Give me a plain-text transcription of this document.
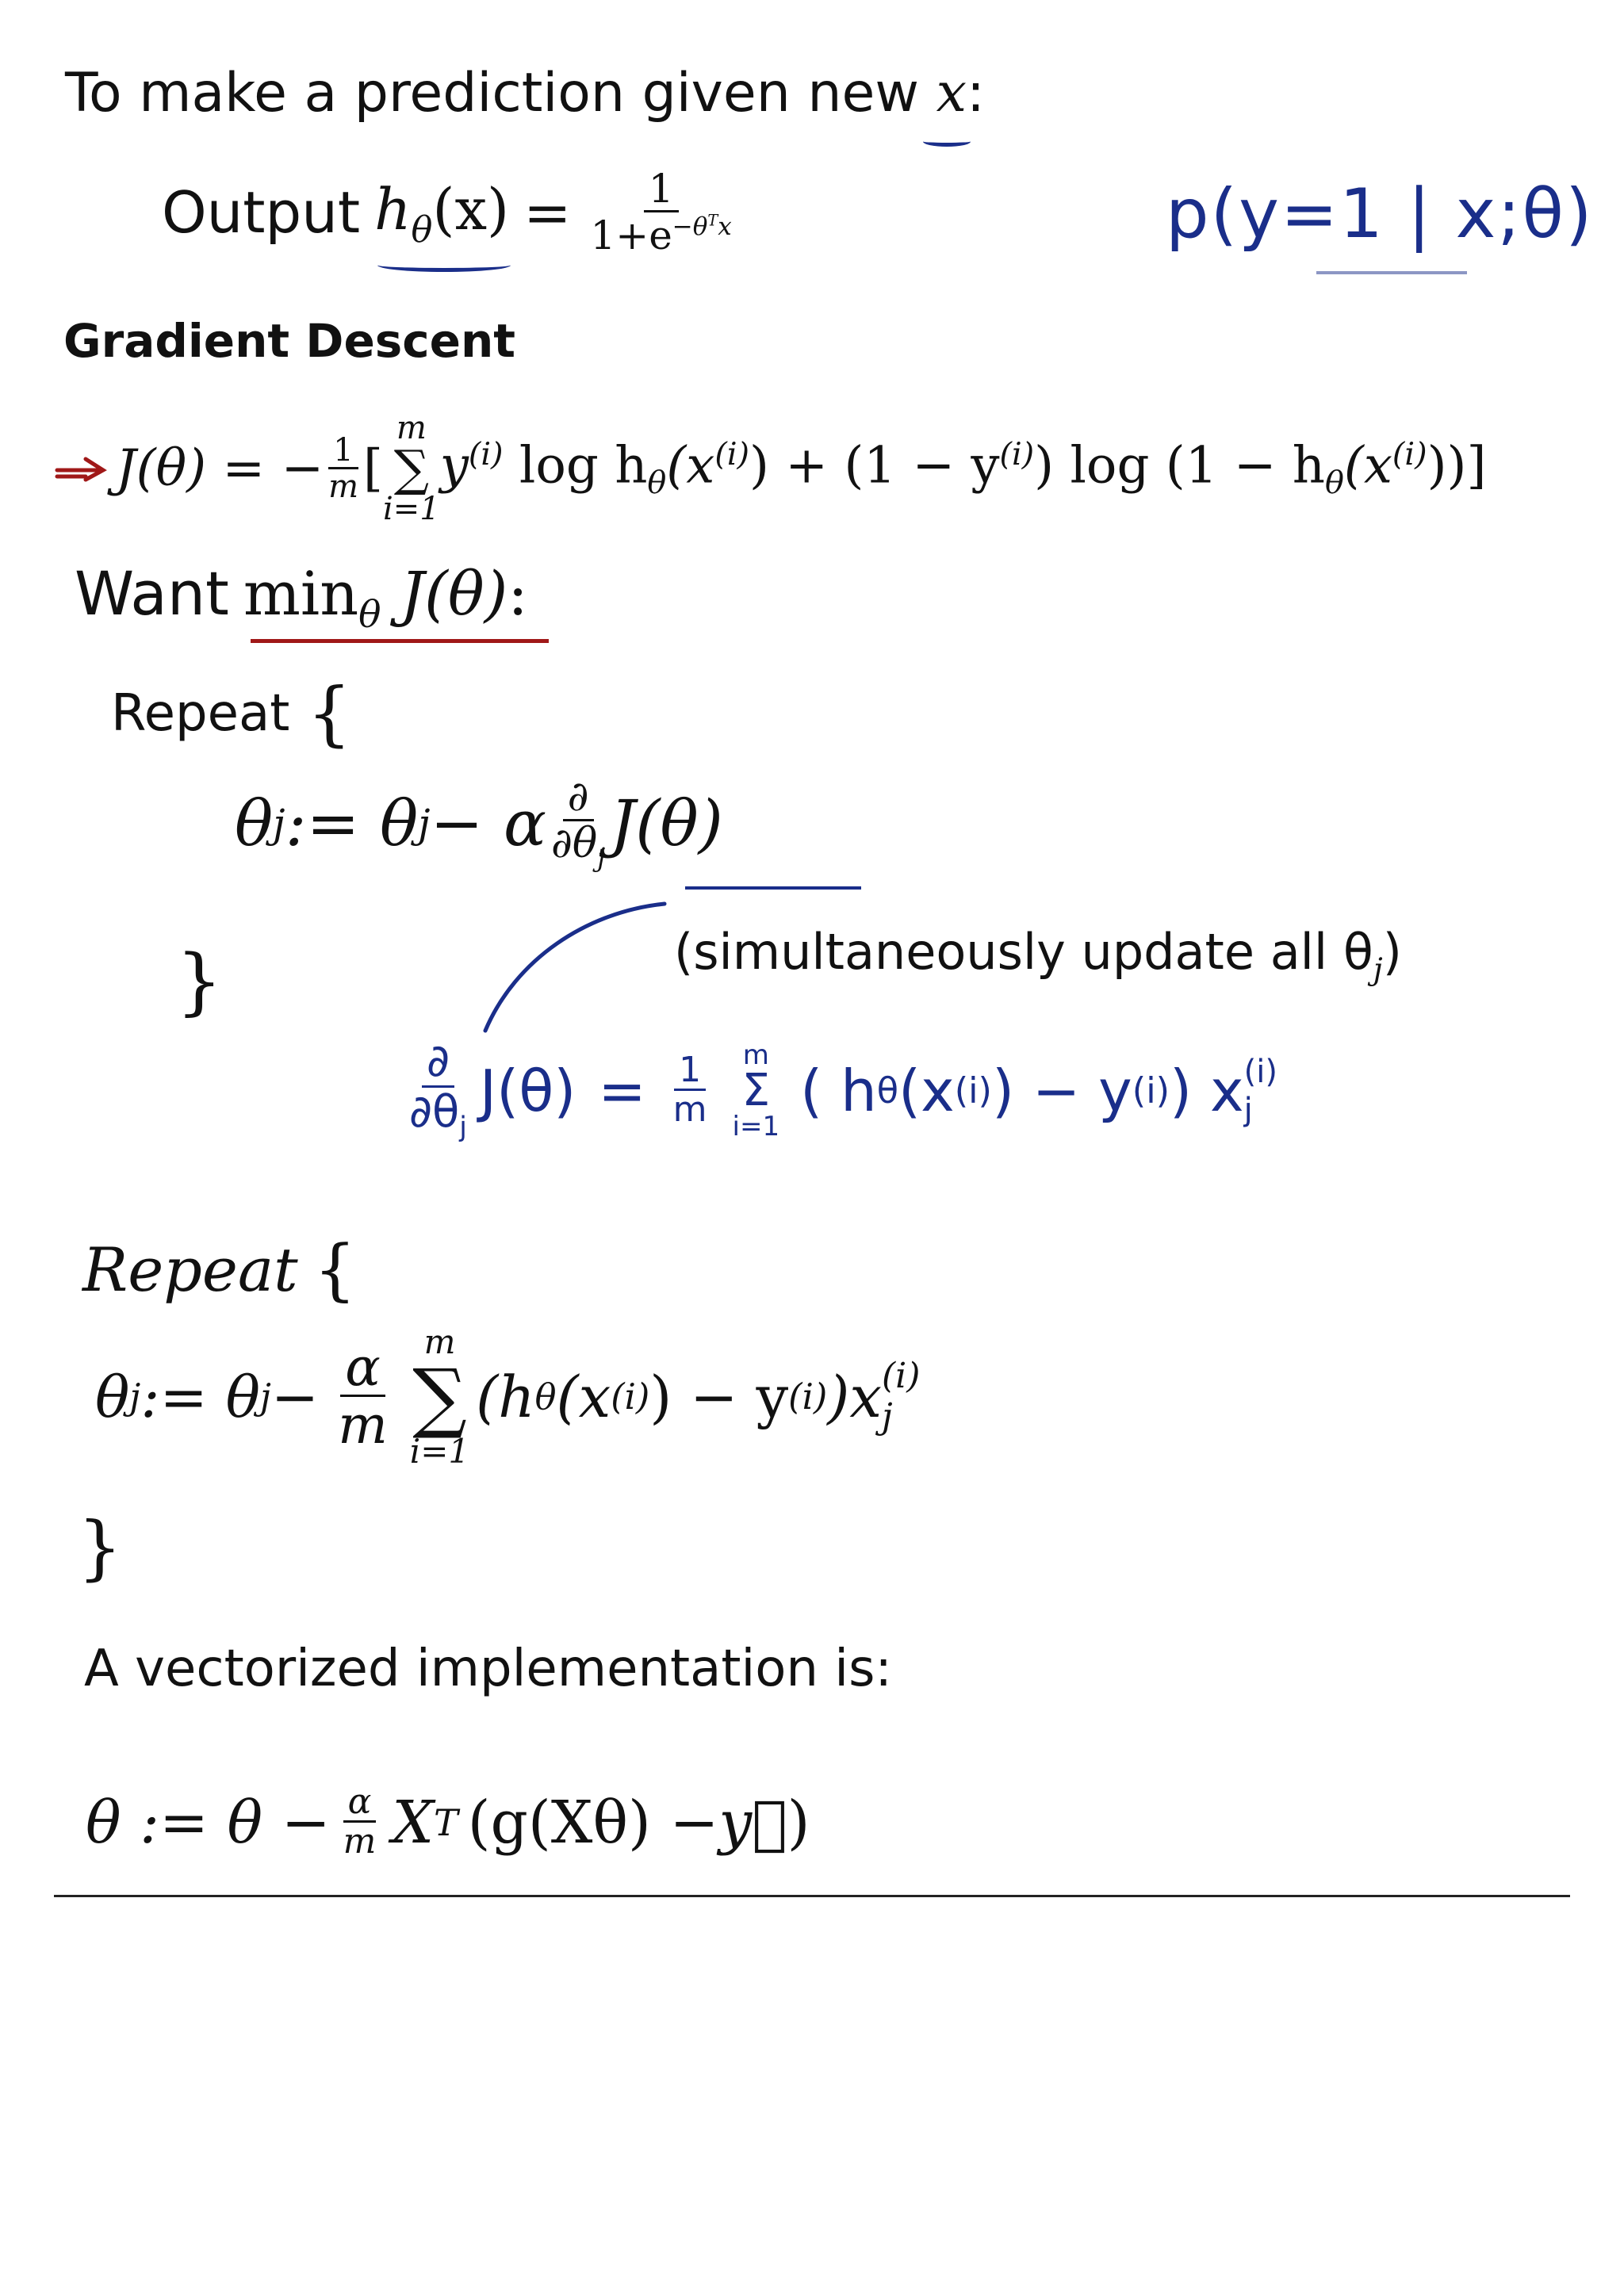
To make a prediction given new x:
Output $h_\theta(x) = \frac{1}{1+e^{-\theta^Tx}}$	p(y=1 | x;θ)
Gradient Descent
J(θ) = − $\frac{1}{m}$ [
m
∑
i=1
$y^{(i)}$ $\log h_\theta(x^{(i)}) + (1 - y^{(i)})$ $\log (1 - h_\theta(x^{(i)}))$]
Want $\min_\theta J(\theta)$:
Repeat {
θ j := θ j − α $\frac{\partial}{\partial\theta_j} J(\theta)$
}	(simultaneously update all $\theta_j$)
$\frac{\partial}{\partial\theta_j} J(\theta) = \frac{1}{m}$ m
Σ
i=1
( h θ (x (i) ) − y (i) ) x (i)
j
Repeat {
θ j := θ $j - \frac{\alpha}{m}$ m
∑
i=1
(h θ (x (i) ) − y (i) )x (i)
j
}
A vectorized implementation is:
θ := $\theta - \frac{\alpha}{m}$ X T (g(Xθ) − y⃗ )
